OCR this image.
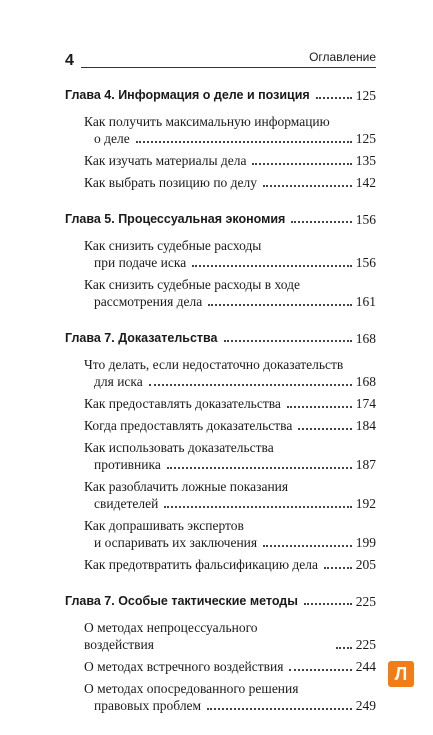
4	Оглавление
Глава 4. Информация о деле и позиция	125
Как получить максимальную информацию
о деле	125
Как изучать материалы дела	135
Как выбрать позицию по делу	142
Глава 5. Процессуальная экономия	156
Как снизить судебные расходы
при подаче иска	156
Как снизить судебные расходы в ходе
рассмотрения дела	161
Глава 7. Доказательства	168
Что делать, если недостаточно доказательств
для иска	168
Как предоставлять доказательства	174
Когда предоставлять доказательства	184
Как использовать доказательства
противника	187
Как разоблачить ложные показания
свидетелей	192
Как допрашивать экспертов
и оспаривать их заключения	199
Как предотвратить фальсификацию дела	205
Глава 7. Особые тактические методы	225
О методах непроцессуального воздействия	225
О методах встречного воздействия	244
О методах опосредованного решения
правовых проблем	249
Л
